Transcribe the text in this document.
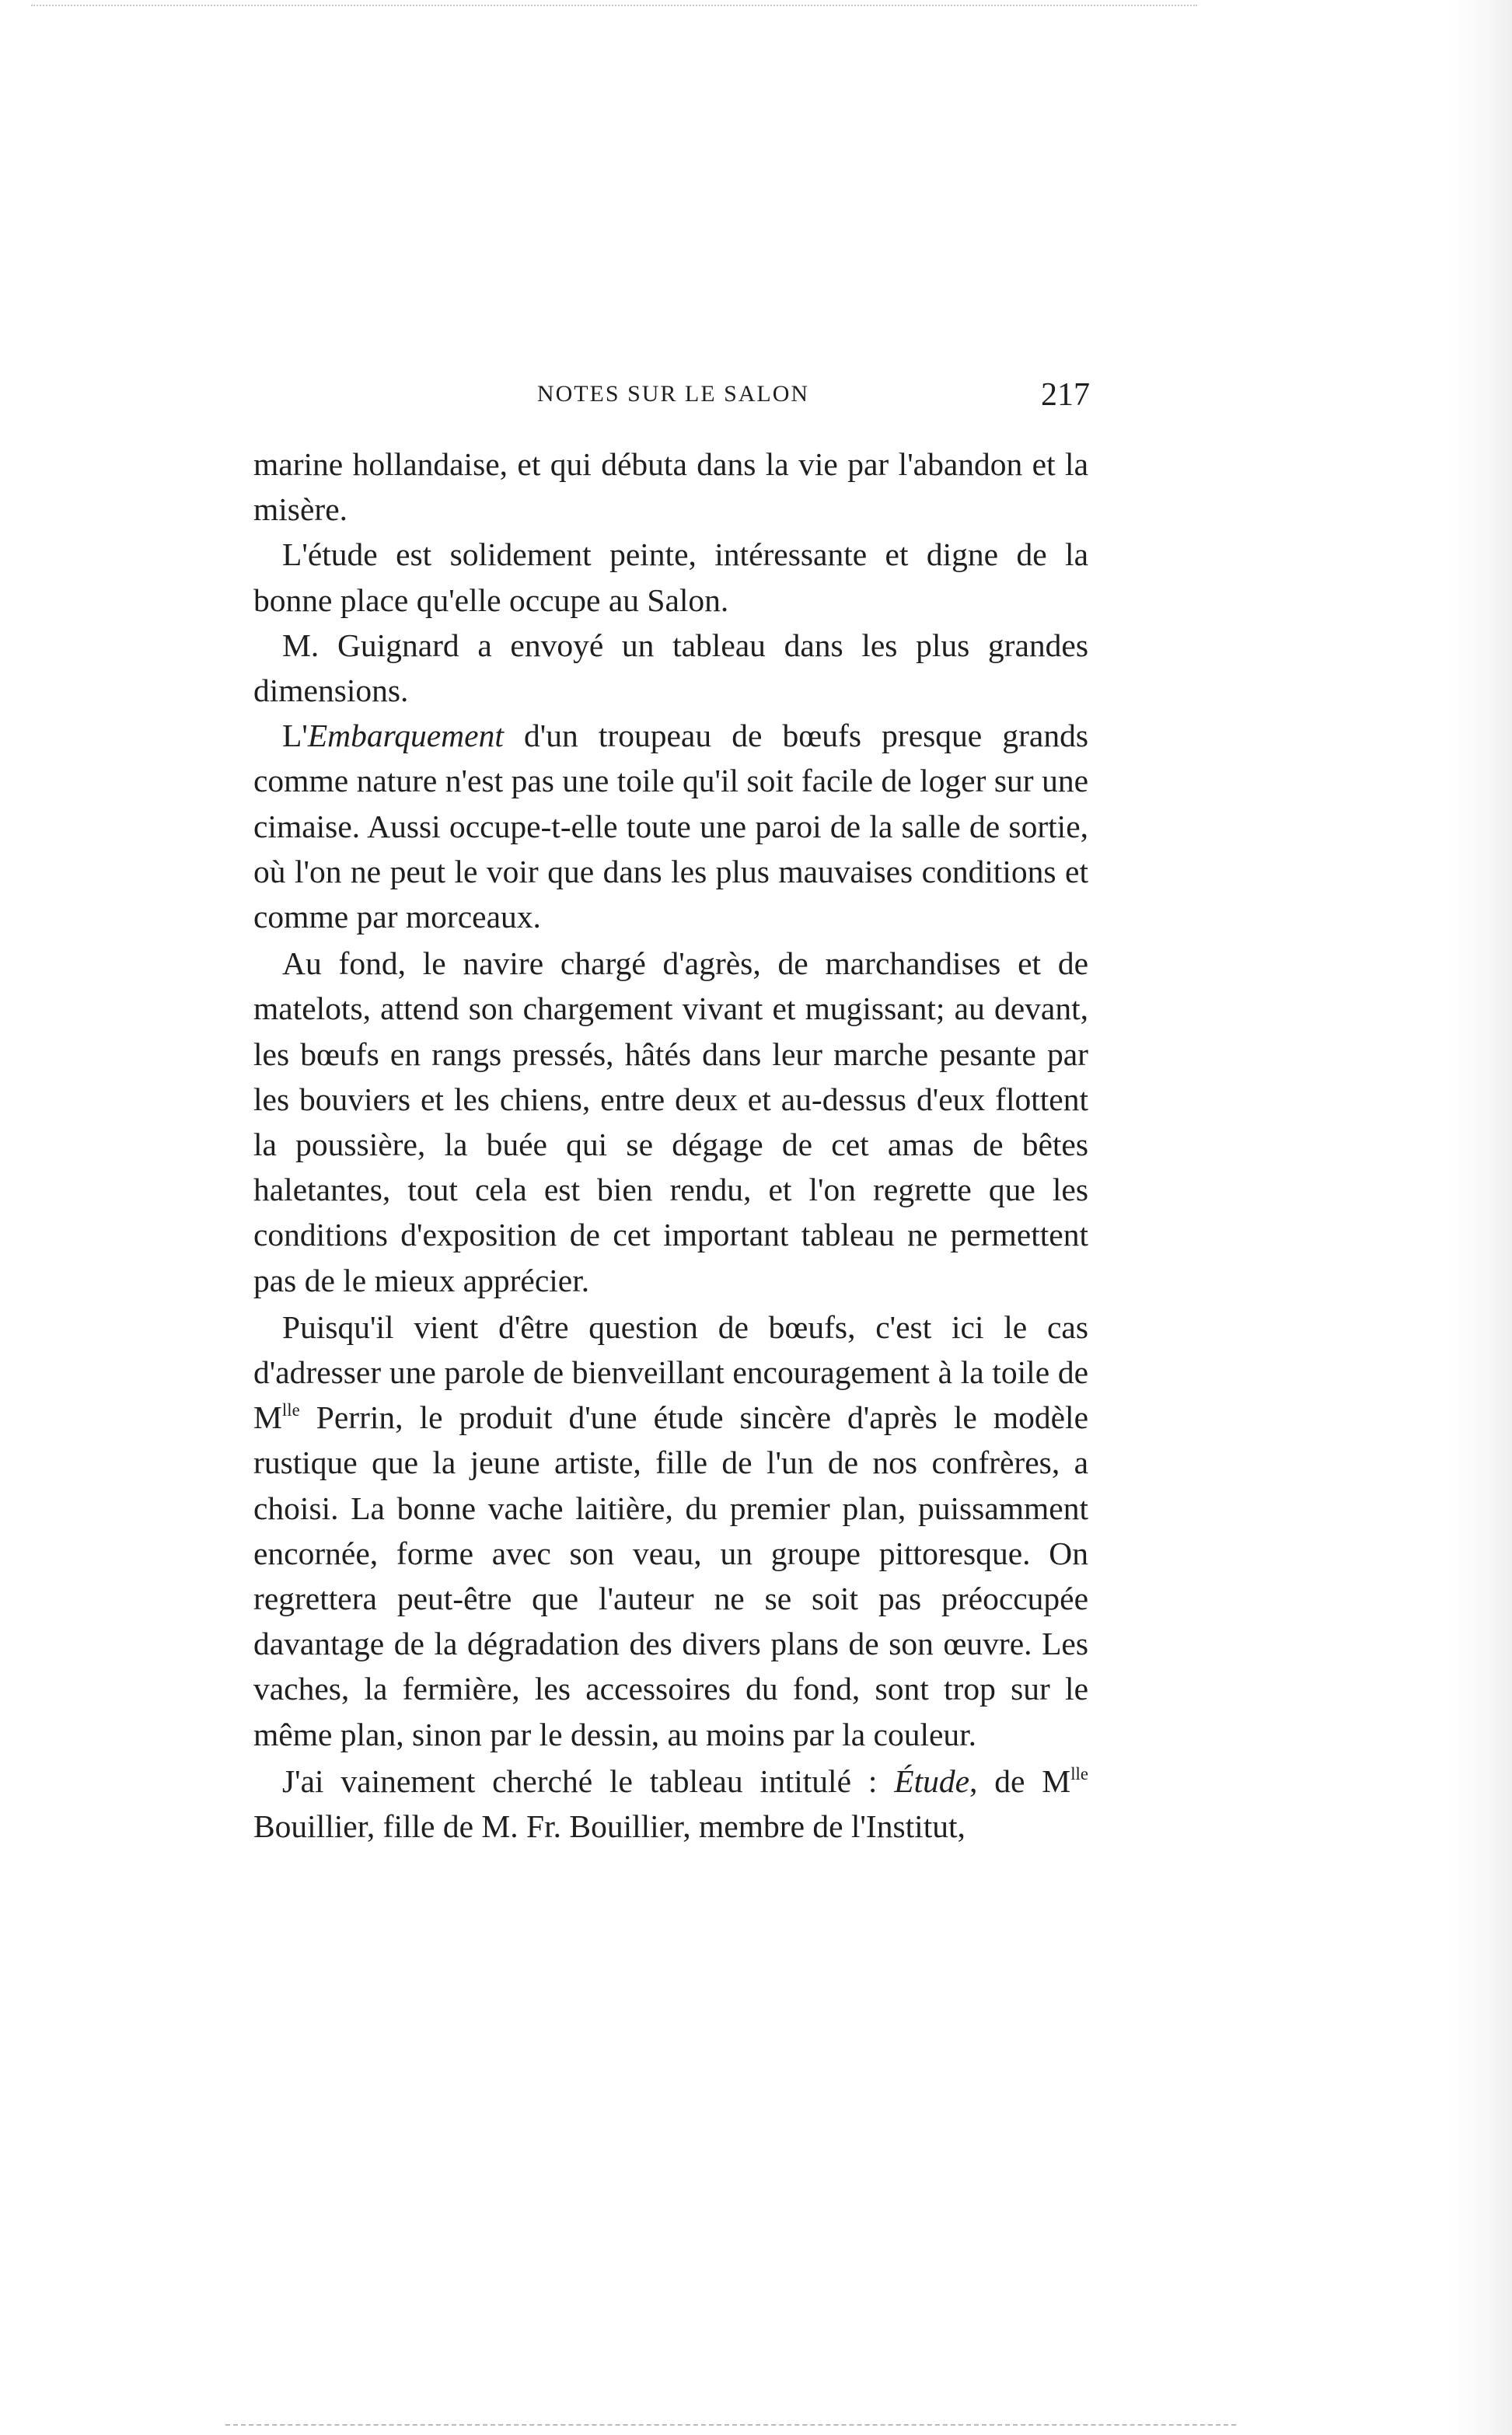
NOTES SUR LE SALON	217

marine hollandaise, et qui débuta dans la vie par l'abandon et la misère.

L'étude est solidement peinte, intéressante et digne de la bonne place qu'elle occupe au Salon.

M. Guignard a envoyé un tableau dans les plus grandes dimensions.

L'Embarquement d'un troupeau de bœufs presque grands comme nature n'est pas une toile qu'il soit facile de loger sur une cimaise. Aussi occupe-t-elle toute une paroi de la salle de sortie, où l'on ne peut le voir que dans les plus mauvaises conditions et comme par morceaux.

Au fond, le navire chargé d'agrès, de marchandises et de matelots, attend son chargement vivant et mugissant; au devant, les bœufs en rangs pressés, hâtés dans leur marche pesante par les bouviers et les chiens, entre deux et au-dessus d'eux flottent la poussière, la buée qui se dégage de cet amas de bêtes haletantes, tout cela est bien rendu, et l'on regrette que les conditions d'exposition de cet important tableau ne permettent pas de le mieux apprécier.

Puisqu'il vient d'être question de bœufs, c'est ici le cas d'adresser une parole de bienveillant encouragement à la toile de $M^{lle}$ Perrin, le produit d'une étude sincère d'après le modèle rustique que la jeune artiste, fille de l'un de nos confrères, a choisi. La bonne vache laitière, du premier plan, puissamment encornée, forme avec son veau, un groupe pittoresque. On regrettera peut-être que l'auteur ne se soit pas préoccupée davantage de la dégradation des divers plans de son œuvre. Les vaches, la fermière, les accessoires du fond, sont trop sur le même plan, sinon par le dessin, au moins par la couleur.

J'ai vainement cherché le tableau intitulé : Étude, de $M^{lle}$ Bouillier, fille de M. Fr. Bouillier, membre de l'Institut,
